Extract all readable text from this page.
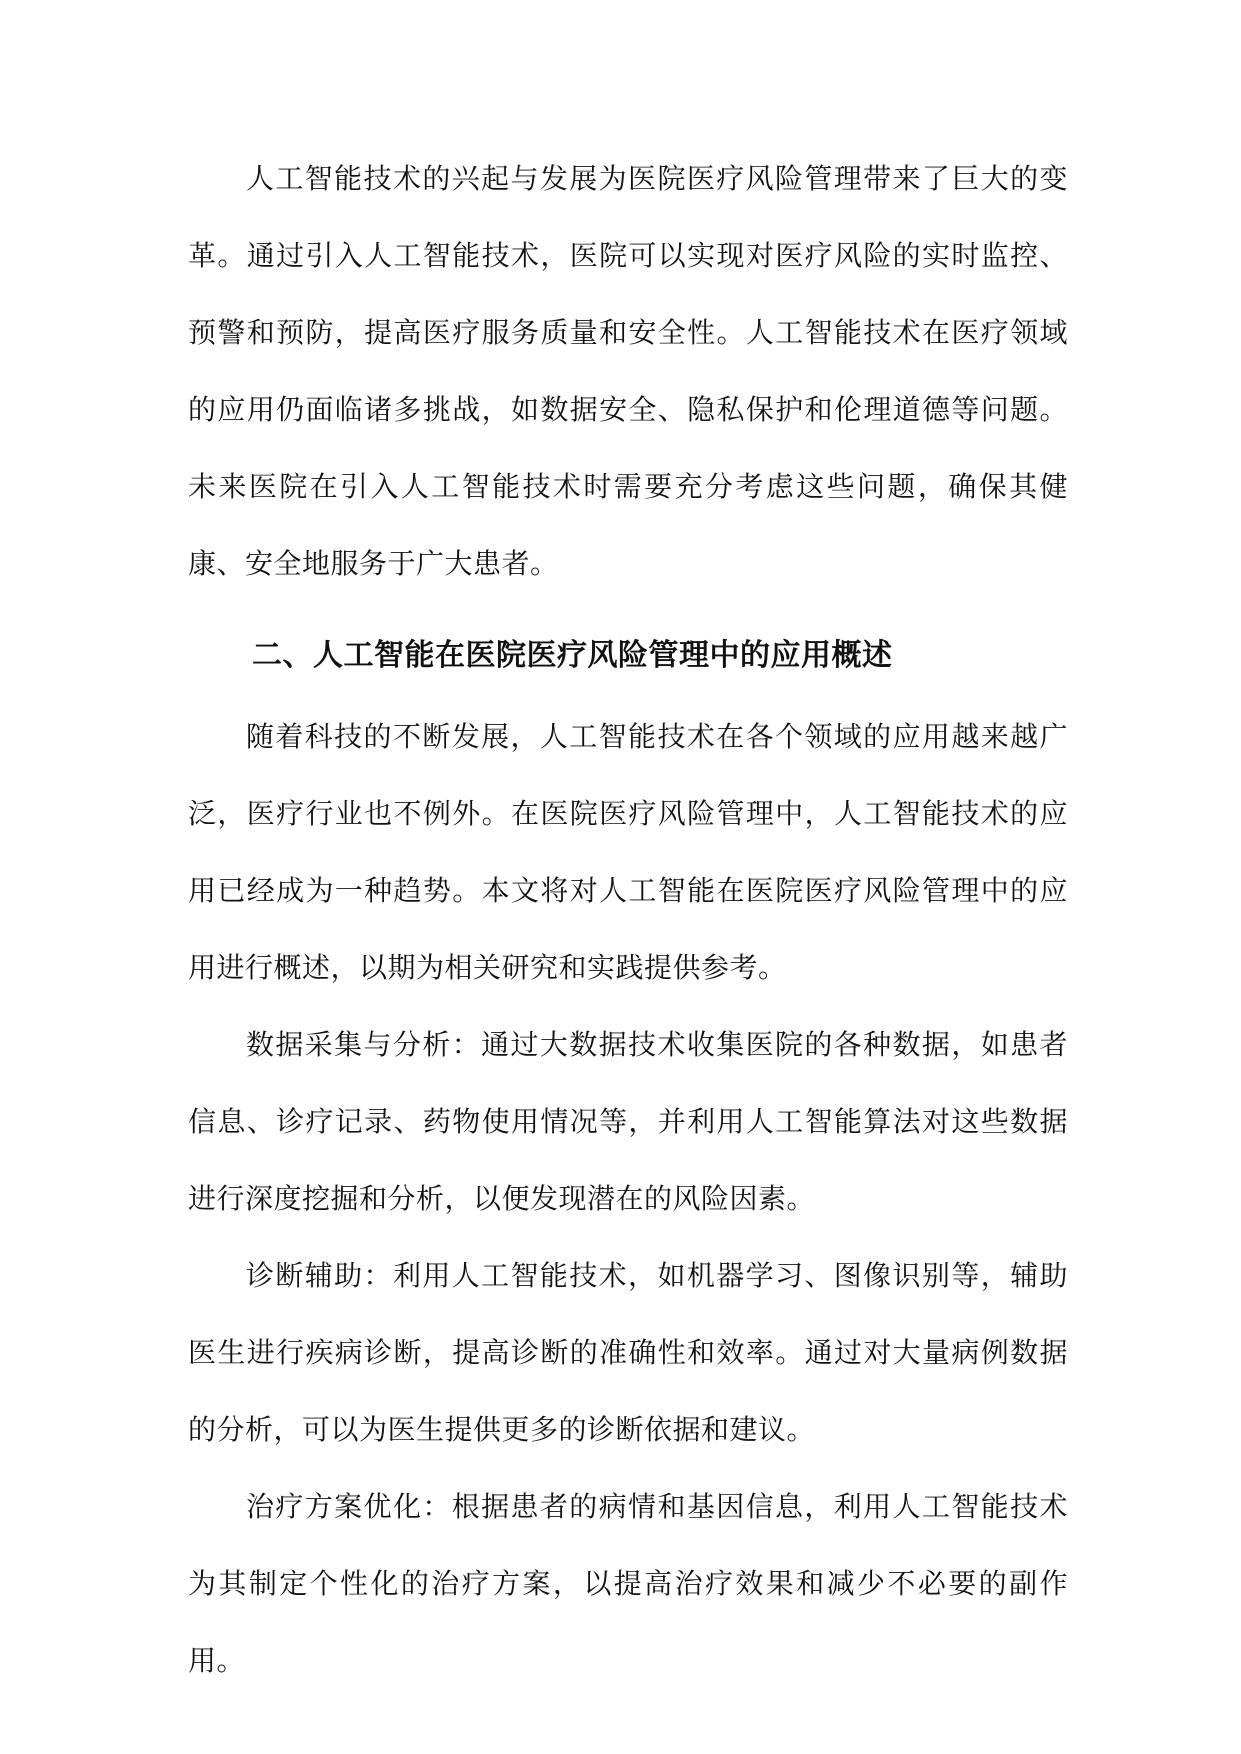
人工智能技术的兴起与发展为医院医疗风险管理带来了巨大的变革。通过引入人工智能技术，医院可以实现对医疗风险的实时监控、预警和预防，提高医疗服务质量和安全性。人工智能技术在医疗领域的应用仍面临诸多挑战，如数据安全、隐私保护和伦理道德等问题。未来医院在引入人工智能技术时需要充分考虑这些问题，确保其健康、安全地服务于广大患者。

二、人工智能在医院医疗风险管理中的应用概述

随着科技的不断发展，人工智能技术在各个领域的应用越来越广泛，医疗行业也不例外。在医院医疗风险管理中，人工智能技术的应用已经成为一种趋势。本文将对人工智能在医院医疗风险管理中的应用进行概述，以期为相关研究和实践提供参考。

数据采集与分析：通过大数据技术收集医院的各种数据，如患者信息、诊疗记录、药物使用情况等，并利用人工智能算法对这些数据进行深度挖掘和分析，以便发现潜在的风险因素。

诊断辅助：利用人工智能技术，如机器学习、图像识别等，辅助医生进行疾病诊断，提高诊断的准确性和效率。通过对大量病例数据的分析，可以为医生提供更多的诊断依据和建议。

治疗方案优化：根据患者的病情和基因信息，利用人工智能技术为其制定个性化的治疗方案，以提高治疗效果和减少不必要的副作用。
